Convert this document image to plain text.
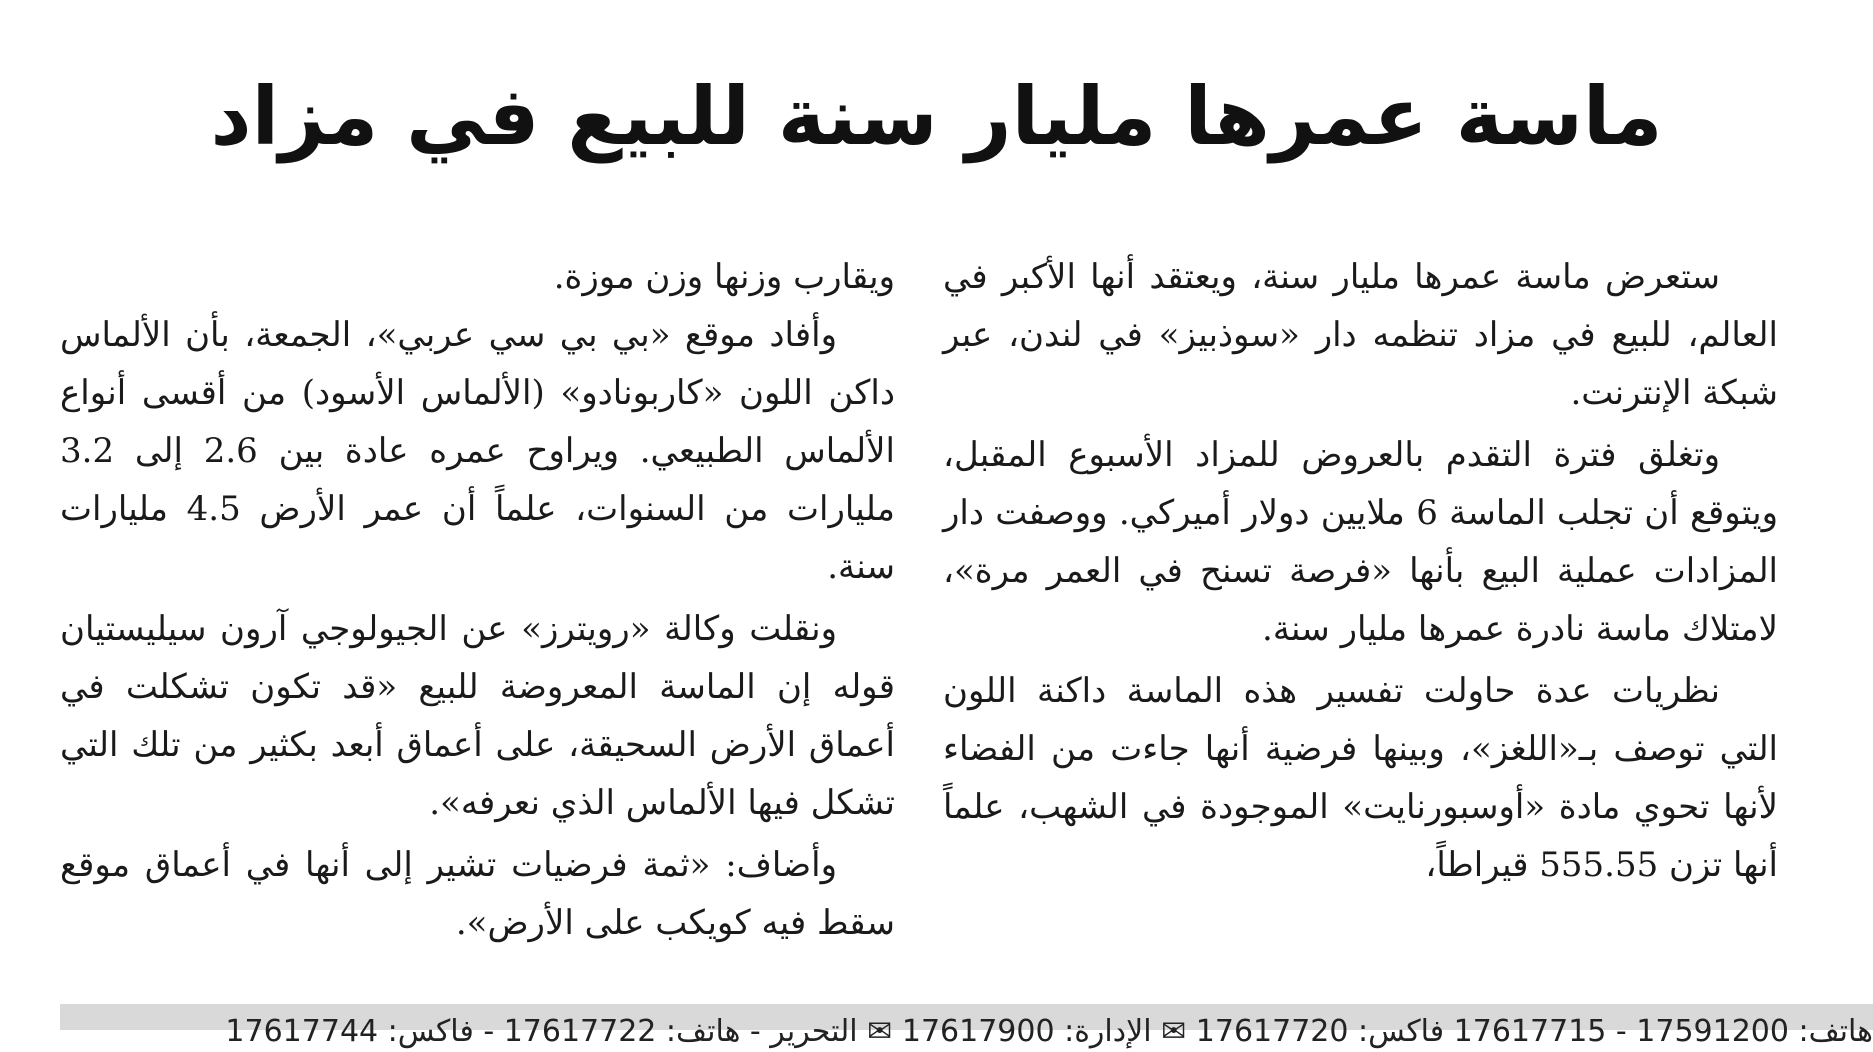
ماسة عمرها مليار سنة للبيع في مزاد

ستعرض ماسة عمرها مليار سنة، ويعتقد أنها الأكبر في العالم، للبيع في مزاد تنظمه دار «سوذبيز» في لندن، عبر شبكة الإنترنت.

وتغلق فترة التقدم بالعروض للمزاد الأسبوع المقبل، ويتوقع أن تجلب الماسة 6 ملايين دولار أميركي. ووصفت دار المزادات عملية البيع بأنها «فرصة تسنح في العمر مرة»، لامتلاك ماسة نادرة عمرها مليار سنة.

نظريات عدة حاولت تفسير هذه الماسة داكنة اللون التي توصف بـ«اللغز»، وبينها فرضية أنها جاءت من الفضاء لأنها تحوي مادة «أوسبورنايت» الموجودة في الشهب، علماً أنها تزن 555.55 قيراطاً،

ويقارب وزنها وزن موزة.

وأفاد موقع «بي بي سي عربي»، الجمعة، بأن الألماس داكن اللون «كاربونادو» (الألماس الأسود) من أقسى أنواع الألماس الطبيعي. ويراوح عمره عادة بين 2.6 إلى 3.2 مليارات من السنوات، علماً أن عمر الأرض 4.5 مليارات سنة.

ونقلت وكالة «رويترز» عن الجيولوجي آرون سيليستيان قوله إن الماسة المعروضة للبيع «قد تكون تشكلت في أعماق الأرض السحيقة، على أعماق أبعد بكثير من تلك التي تشكل فيها الألماس الذي نعرفه».

وأضاف: «ثمة فرضيات تشير إلى أنها في أعماق موقع سقط فيه كويكب على الأرض».

هاتف: 17591200 - 17617715 فاكس: 17617720 ✉ الإدارة: 17617900 ✉ التحرير - هاتف: 17617722 - فاكس: 17617744
